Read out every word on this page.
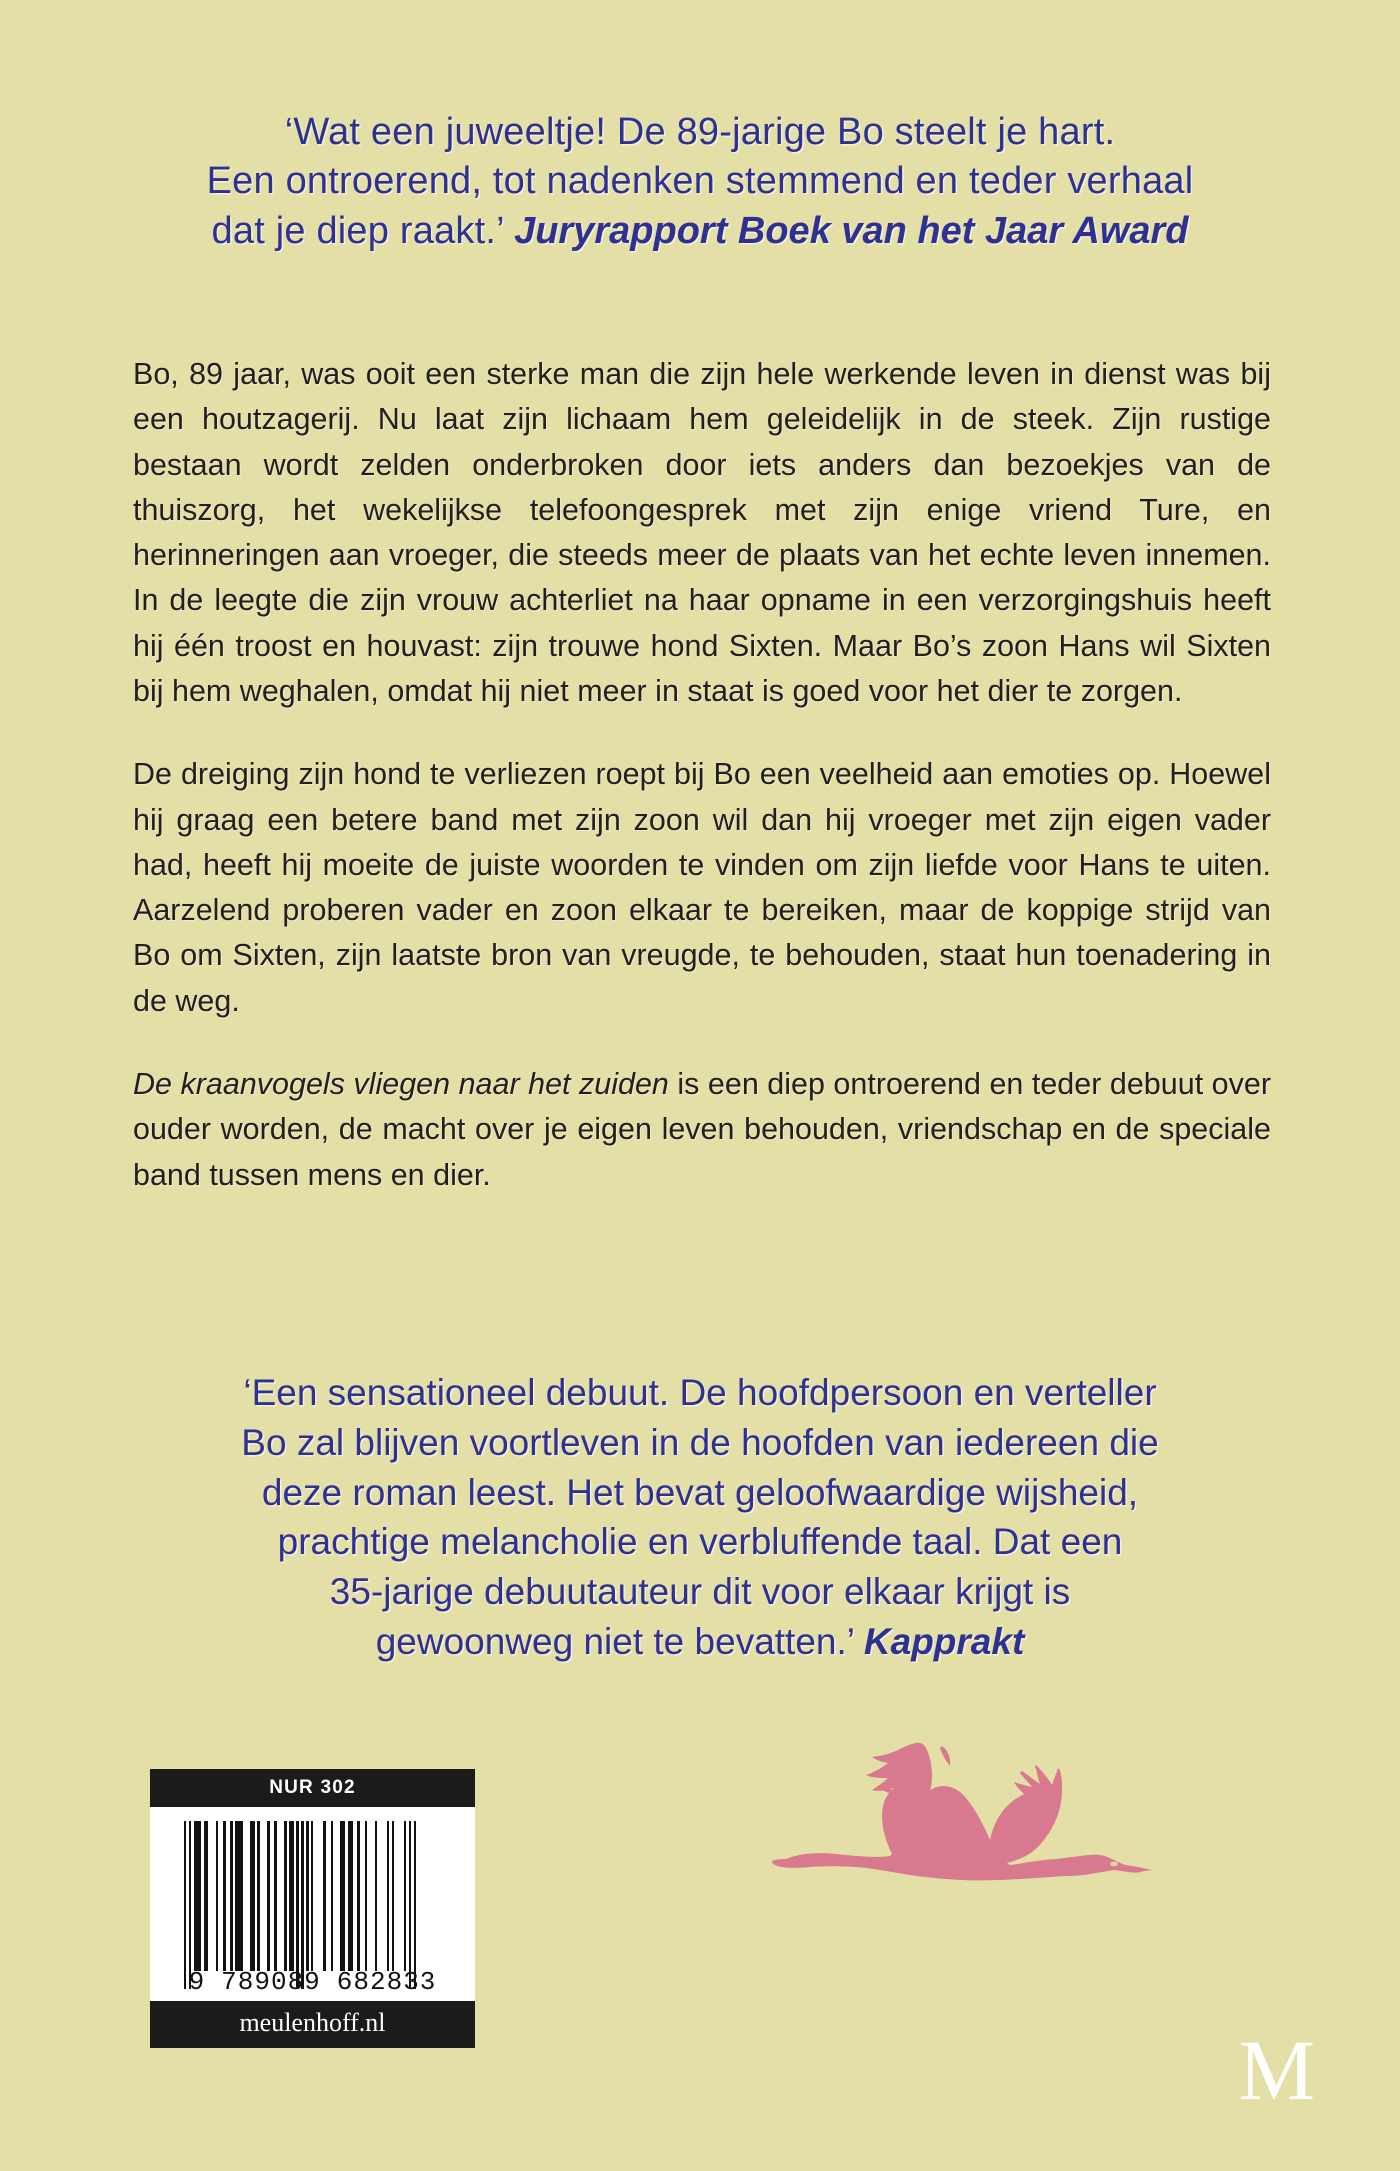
‘Wat een juweeltje! De 89-jarige Bo steelt je hart.
Een ontroerend, tot nadenken stemmend en teder verhaal
dat je diep raakt.’ Juryrapport Boek van het Jaar Award

Bo, 89 jaar, was ooit een sterke man die zijn hele werkende leven in dienst was bij een houtzagerij. Nu laat zijn lichaam hem geleidelijk in de steek. Zijn rustige bestaan wordt zelden onderbroken door iets anders dan bezoekjes van de thuiszorg, het wekelijkse telefoongesprek met zijn enige vriend Ture, en herinneringen aan vroeger, die steeds meer de plaats van het echte leven innemen. In de leegte die zijn vrouw achterliet na haar opname in een verzorgingshuis heeft hij één troost en houvast: zijn trouwe hond Sixten. Maar Bo’s zoon Hans wil Sixten bij hem weghalen, omdat hij niet meer in staat is goed voor het dier te zorgen.

De dreiging zijn hond te verliezen roept bij Bo een veelheid aan emoties op. Hoewel hij graag een betere band met zijn zoon wil dan hij vroeger met zijn eigen vader had, heeft hij moeite de juiste woorden te vinden om zijn liefde voor Hans te uiten. Aarzelend proberen vader en zoon elkaar te bereiken, maar de koppige strijd van Bo om Sixten, zijn laatste bron van vreugde, te behouden, staat hun toenadering in de weg.

De kraanvogels vliegen naar het zuiden is een diep ontroerend en teder debuut over ouder worden, de macht over je eigen leven behouden, vriendschap en de speciale band tussen mens en dier.

‘Een sensationeel debuut. De hoofdpersoon en verteller
Bo zal blijven voortleven in de hoofden van iedereen die
deze roman leest. Het bevat geloofwaardige wijsheid,
prachtige melancholie en verbluffende taal. Dat een
35-jarige debuutauteur dit voor elkaar krijgt is
gewoonweg niet te bevatten.’ Kapprakt
NUR 302
9 789089 682833
meulenhoff.nl	M
